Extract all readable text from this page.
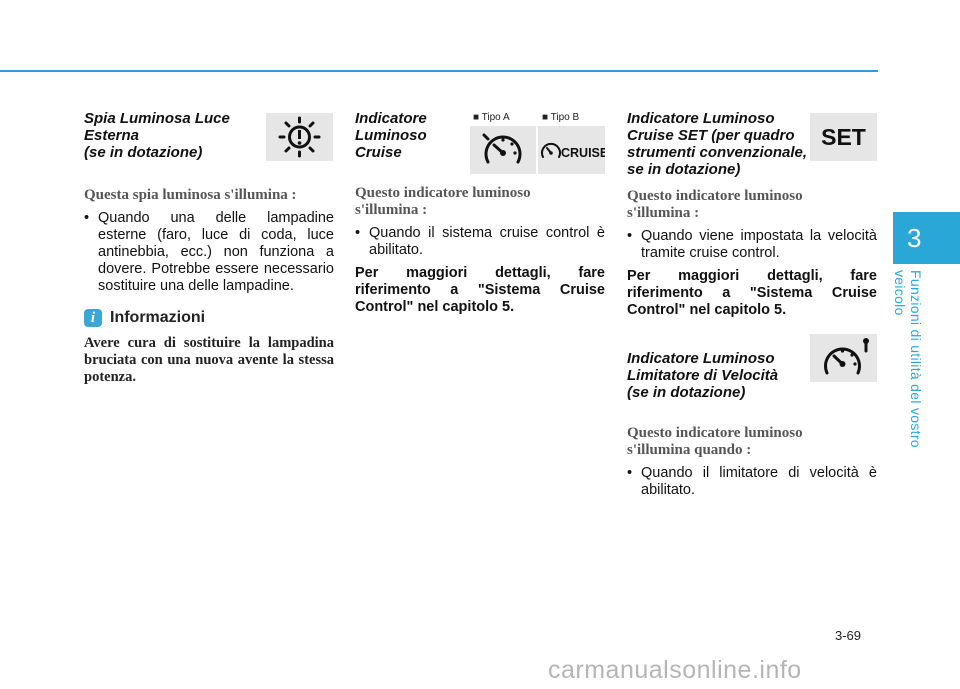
3
Funzioni di utilità del vostro veicolo

Spia Luminosa Luce
Esterna
(se in dotazione)

Questa spia luminosa s'illumina :

• Quando una delle lampadine esterne (faro, luce di coda, luce antinebbia, ecc.) non funziona a dovere. Potrebbe essere necessario sostituire una delle lampadine.
i Informazioni
Avere cura di sostituire la lampadina bruciata con una nuova avente la stessa potenza.

Indicatore
Luminoso
Cruise

Questo indicatore luminoso
s'illumina :

• Quando il sistema cruise control è abilitato.

Per maggiori dettagli, fare riferimento a "Sistema Cruise Control" nel capitolo 5.

■ Tipo A	■ Tipo B
CRUISE

Indicatore Luminoso
Cruise SET (per quadro
strumenti convenzionale,
se in dotazione)

Questo indicatore luminoso
s'illumina :

• Quando viene impostata la velocità tramite cruise control.

Per maggiori dettagli, fare riferimento a "Sistema Cruise Control" nel capitolo 5.

Indicatore Luminoso
Limitatore di Velocità
(se in dotazione)

Questo indicatore luminoso
s'illumina quando :

• Quando il limitatore di velocità è abilitato.
SET
3-69
carmanualsonline.info
